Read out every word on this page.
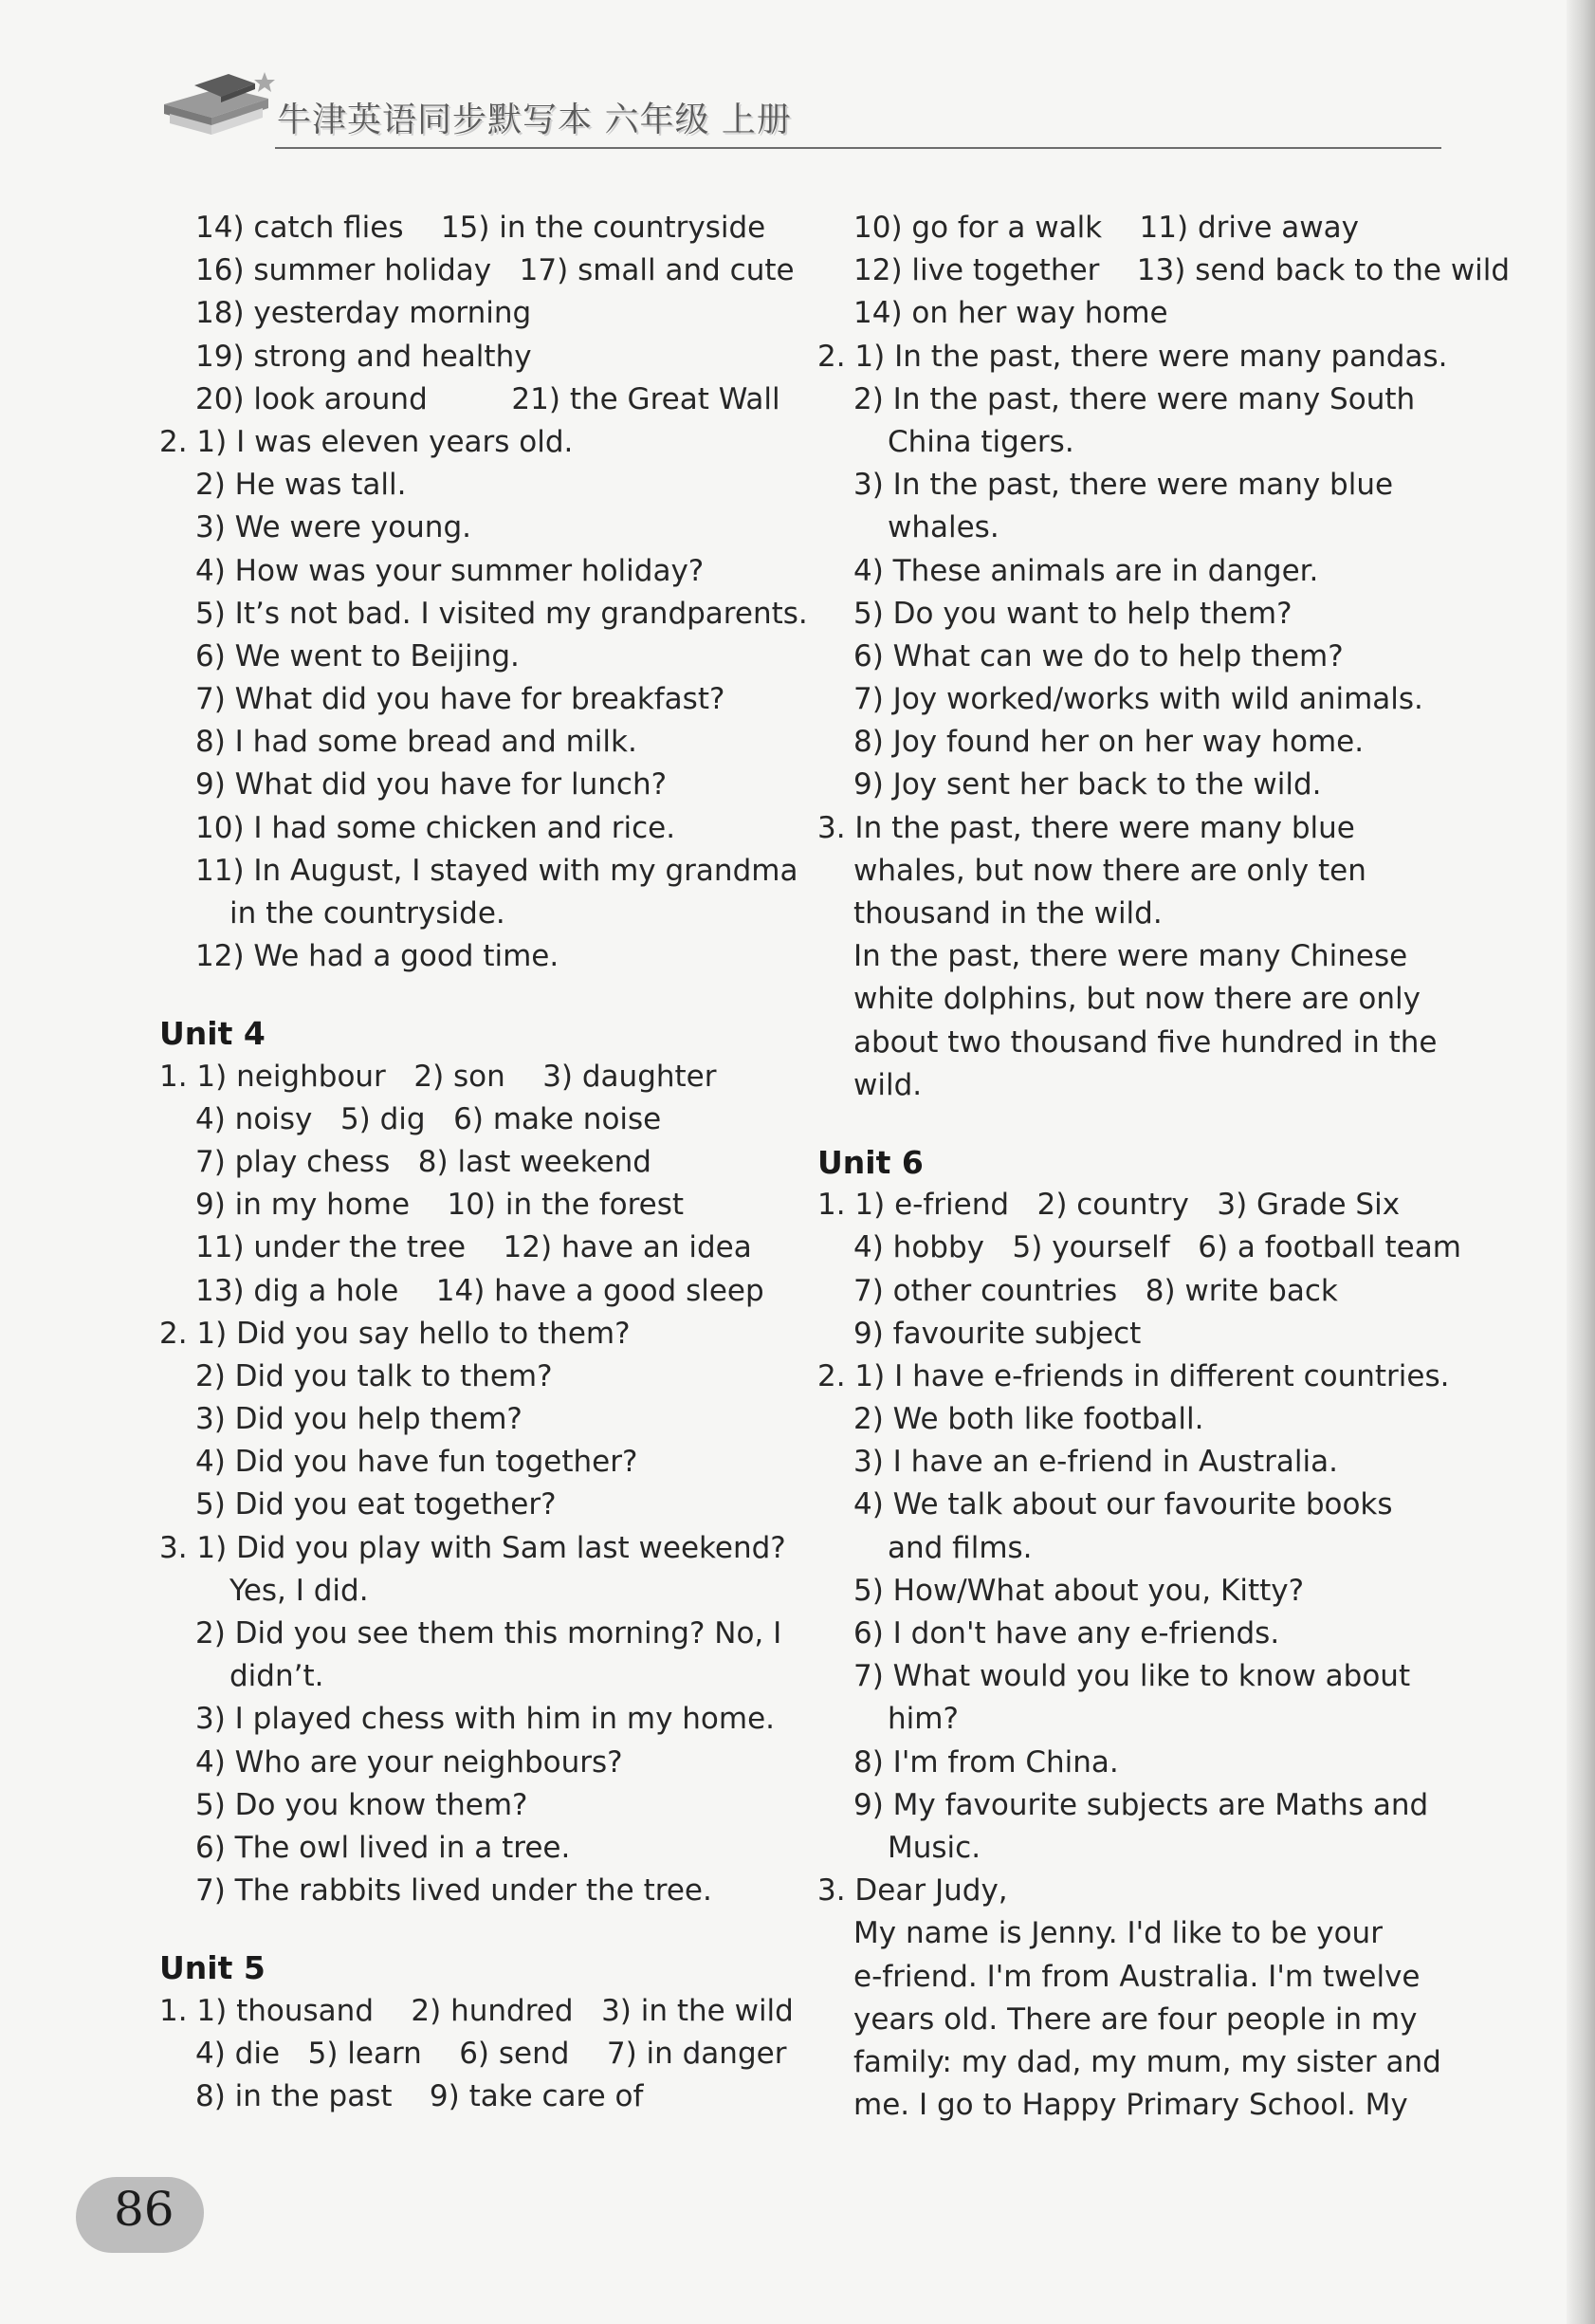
牛津英语同步默写本 六年级 上册
14) catch flies    15) in the countryside
16) summer holiday   17) small and cute
18) yesterday morning
19) strong and healthy
20) look around         21) the Great Wall
2. 1) I was eleven years old.
2) He was tall.
3) We were young.
4) How was your summer holiday?
5) It’s not bad. I visited my grandparents.
6) We went to Beijing.
7) What did you have for breakfast?
8) I had some bread and milk.
9) What did you have for lunch?
10) I had some chicken and rice.
11) In August, I stayed with my grandma
in the countryside.
12) We had a good time.
Unit 4
1. 1) neighbour   2) son    3) daughter
4) noisy   5) dig   6) make noise
7) play chess   8) last weekend
9) in my home    10) in the forest
11) under the tree    12) have an idea
13) dig a hole    14) have a good sleep
2. 1) Did you say hello to them?
2) Did you talk to them?
3) Did you help them?
4) Did you have fun together?
5) Did you eat together?
3. 1) Did you play with Sam last weekend?
Yes, I did.
2) Did you see them this morning? No, I
didn’t.
3) I played chess with him in my home.
4) Who are your neighbours?
5) Do you know them?
6) The owl lived in a tree.
7) The rabbits lived under the tree.
Unit 5
1. 1) thousand    2) hundred   3) in the wild
4) die   5) learn    6) send    7) in danger
8) in the past    9) take care of
10) go for a walk    11) drive away
12) live together    13) send back to the wild
14) on her way home
2. 1) In the past, there were many pandas.
2) In the past, there were many South
China tigers.
3) In the past, there were many blue
whales.
4) These animals are in danger.
5) Do you want to help them?
6) What can we do to help them?
7) Joy worked/works with wild animals.
8) Joy found her on her way home.
9) Joy sent her back to the wild.
3. In the past, there were many blue
whales, but now there are only ten
thousand in the wild.
In the past, there were many Chinese
white dolphins, but now there are only
about two thousand five hundred in the
wild.
Unit 6
1. 1) e-friend   2) country   3) Grade Six
4) hobby   5) yourself   6) a football team
7) other countries   8) write back
9) favourite subject
2. 1) I have e-friends in different countries.
2) We both like football.
3) I have an e-friend in Australia.
4) We talk about our favourite books
and films.
5) How/What about you, Kitty?
6) I don't have any e-friends.
7) What would you like to know about
him?
8) I'm from China.
9) My favourite subjects are Maths and
Music.
3. Dear Judy,
My name is Jenny. I'd like to be your
e-friend. I'm from Australia. I'm twelve
years old. There are four people in my
family: my dad, my mum, my sister and
me. I go to Happy Primary School. My
86
